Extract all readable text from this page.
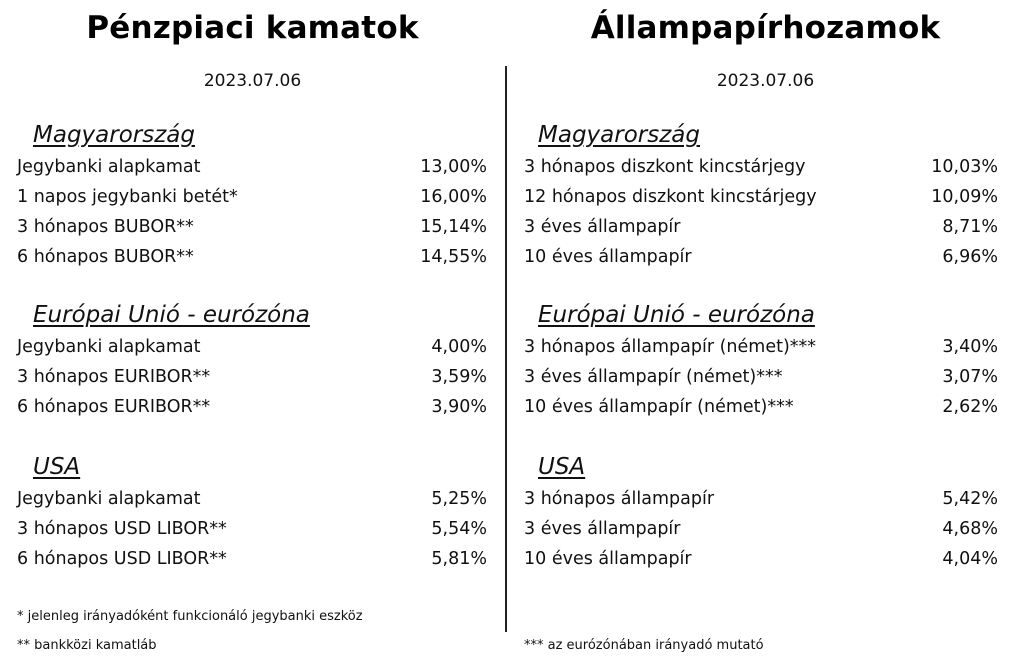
Pénzpiaci kamatok
2023.07.06
Magyarország
Jegybanki alapkamat	13,00%
1 napos jegybanki betét*	16,00%
3 hónapos BUBOR**	15,14%
6 hónapos BUBOR**	14,55%
Európai Unió - eurózóna
Jegybanki alapkamat	4,00%
3 hónapos EURIBOR**	3,59%
6 hónapos EURIBOR**	3,90%
USA
Jegybanki alapkamat	5,25%
3 hónapos USD LIBOR**	5,54%
6 hónapos USD LIBOR**	5,81%
* jelenleg irányadóként funkcionáló jegybanki eszköz
** bankközi kamatláb
Állampapírhozamok
2023.07.06
Magyarország
3 hónapos diszkont kincstárjegy	10,03%
12 hónapos diszkont kincstárjegy	10,09%
3 éves állampapír	8,71%
10 éves állampapír	6,96%
Európai Unió - eurózóna
3 hónapos állampapír (német)***	3,40%
3 éves állampapír (német)***	3,07%
10 éves állampapír (német)***	2,62%
USA
3 hónapos állampapír	5,42%
3 éves állampapír	4,68%
10 éves állampapír	4,04%
*** az eurózónában irányadó mutató
